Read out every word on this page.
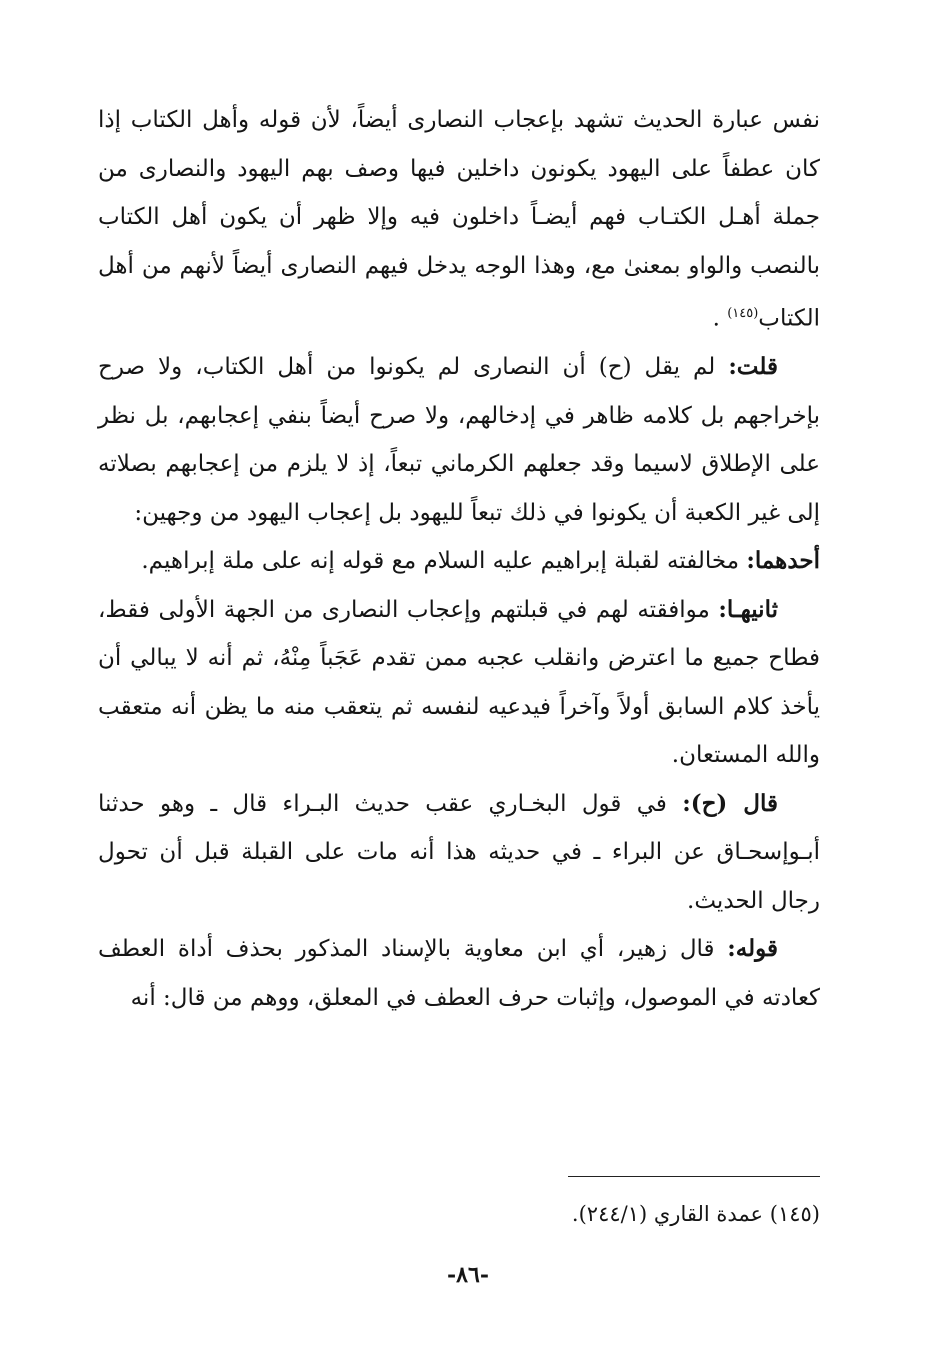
نفس عبارة الحديث تشهد بإعجاب النصارى أيضاً، لأن قوله وأهل الكتاب إذا كان عطفاً على اليهود يكونون داخلين فيها وصف بهم اليهود والنصارى من جملة أهـل الكتـاب فهم أيضـاً داخلون فيه وإلا ظهر أن يكون أهل الكتاب بالنصب والواو بمعنىٰ مع، وهذا الوجه يدخل فيهم النصارى أيضاً لأنهم من أهل الكتاب$^{(١٤٥)}$ .

قلت: لم يقل (ح) أن النصارى لم يكونوا من أهل الكتاب، ولا صرح بإخراجهم بل كلامه ظاهر في إدخالهم، ولا صرح أيضاً بنفي إعجابهم، بل نظر على الإطلاق لاسيما وقد جعلهم الكرماني تبعاً، إذ لا يلزم من إعجابهم بصلاته إلى غير الكعبة أن يكونوا في ذلك تبعاً لليهود بل إعجاب اليهود من وجهين:

أحدهما: مخالفته لقبلة إبراهيم عليه السلام مع قوله إنه على ملة إبراهيم.

ثانيهـا: موافقته لهم في قبلتهم وإعجاب النصارى من الجهة الأولى فقط، فطاح جميع ما اعترض وانقلب عجبه ممن تقدم عَجَباً مِنْهُ، ثم أنه لا يبالي أن يأخذ كلام السابق أولاً وآخراً فيدعيه لنفسه ثم يتعقب منه ما يظن أنه متعقب والله المستعان.

قال (ح): في قول البخـاري عقب حديث البـراء قال ـ وهو حدثنا أبـوإسحـاق عن البراء ـ في حديثه هذا أنه مات على القبلة قبل أن تحول رجال الحديث.

قوله: قال زهير، أي ابن معاوية بالإسناد المذكور بحذف أداة العطف كعادته في الموصول، وإثبات حرف العطف في المعلق، ووهم من قال: أنه

(١٤٥) عمدة القاري (٢٤٤/١).
-٨٦-
